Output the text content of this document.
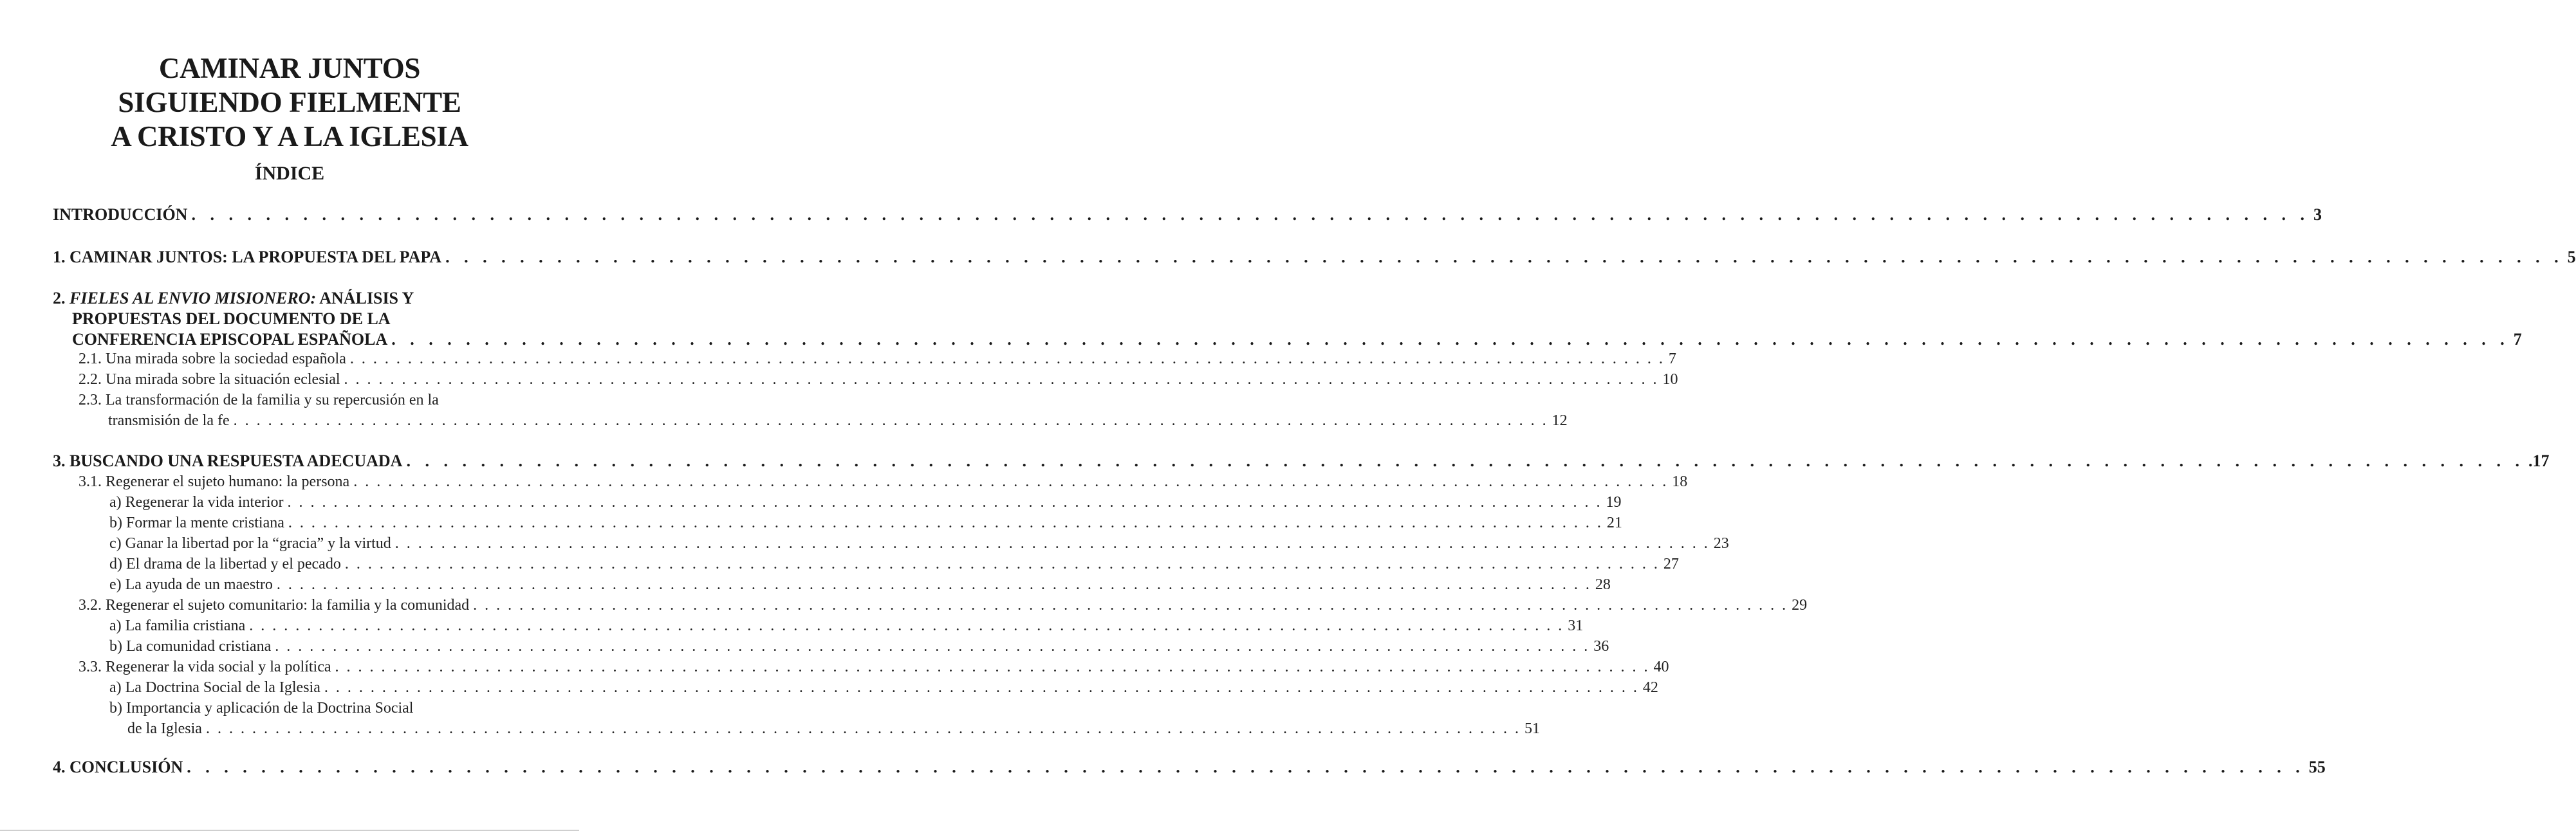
CAMINAR JUNTOS
SIGUIENDO FIELMENTE
A CRISTO Y A LA IGLESIA
ÍNDICE
INTRODUCCIÓN . . . . . . . . . . . . . . . . . . . . . . . . . . . . . . . . . . . . . . . . . . . . . . . . . . . . . . . . . . . . . . . . . . . . . . . . . . . . . . . . . . . . . . . . . . . . . . . . . . . . . . . . . . . . . . . . . . 3
1. CAMINAR JUNTOS: LA PROPUESTA DEL PAPA . . . . . . . . . . . . . . . . . . . . . . . . . . . . . . . . . . . . . . . . . . . . . . . . . . . . . . . . . . . . . . . . . . . . . . . . . . . . . . . . . . . . . . . . . . . . . . . . . . . . . . . . . . . . . . . . . . 5
2. FIELES AL ENVIO MISIONERO: ANÁLISIS Y
PROPUESTAS DEL DOCUMENTO DE LA
CONFERENCIA EPISCOPAL ESPAÑOLA . . . . . . . . . . . . . . . . . . . . . . . . . . . . . . . . . . . . . . . . . . . . . . . . . . . . . . . . . . . . . . . . . . . . . . . . . . . . . . . . . . . . . . . . . . . . . . . . . . . . . . . . . . . . . . . . . . 7
2.1. Una mirada sobre la sociedad española . . . . . . . . . . . . . . . . . . . . . . . . . . . . . . . . . . . . . . . . . . . . . . . . . . . . . . . . . . . . . . . . . . . . . . . . . . . . . . . . . . . . . . . . . . . . . . . . . . . . . . . . . . . . . . . . . . 7
2.2. Una mirada sobre la situación eclesial . . . . . . . . . . . . . . . . . . . . . . . . . . . . . . . . . . . . . . . . . . . . . . . . . . . . . . . . . . . . . . . . . . . . . . . . . . . . . . . . . . . . . . . . . . . . . . . . . . . . . . . . . . . . . . . . . . 10
2.3. La transformación de la familia y su repercusión en la
transmisión de la fe . . . . . . . . . . . . . . . . . . . . . . . . . . . . . . . . . . . . . . . . . . . . . . . . . . . . . . . . . . . . . . . . . . . . . . . . . . . . . . . . . . . . . . . . . . . . . . . . . . . . . . . . . . . . . . . . . . 12
3. BUSCANDO UNA RESPUESTA ADECUADA . . . . . . . . . . . . . . . . . . . . . . . . . . . . . . . . . . . . . . . . . . . . . . . . . . . . . . . . . . . . . . . . . . . . . . . . . . . . . . . . . . . . . . . . . . . . . . . . . . . . . . . . . . . . . . . . . . .17
3.1. Regenerar el sujeto humano: la persona . . . . . . . . . . . . . . . . . . . . . . . . . . . . . . . . . . . . . . . . . . . . . . . . . . . . . . . . . . . . . . . . . . . . . . . . . . . . . . . . . . . . . . . . . . . . . . . . . . . . . . . . . . . . . . . . . . 18
a) Regenerar la vida interior . . . . . . . . . . . . . . . . . . . . . . . . . . . . . . . . . . . . . . . . . . . . . . . . . . . . . . . . . . . . . . . . . . . . . . . . . . . . . . . . . . . . . . . . . . . . . . . . . . . . . . . . . . . . . . . . . . 19
b) Formar la mente cristiana . . . . . . . . . . . . . . . . . . . . . . . . . . . . . . . . . . . . . . . . . . . . . . . . . . . . . . . . . . . . . . . . . . . . . . . . . . . . . . . . . . . . . . . . . . . . . . . . . . . . . . . . . . . . . . . . . . 21
c) Ganar la libertad por la “gracia” y la virtud . . . . . . . . . . . . . . . . . . . . . . . . . . . . . . . . . . . . . . . . . . . . . . . . . . . . . . . . . . . . . . . . . . . . . . . . . . . . . . . . . . . . . . . . . . . . . . . . . . . . . . . . . . . . . . . . . . 23
d) El drama de la libertad y el pecado . . . . . . . . . . . . . . . . . . . . . . . . . . . . . . . . . . . . . . . . . . . . . . . . . . . . . . . . . . . . . . . . . . . . . . . . . . . . . . . . . . . . . . . . . . . . . . . . . . . . . . . . . . . . . . . . . . 27
e) La ayuda de un maestro . . . . . . . . . . . . . . . . . . . . . . . . . . . . . . . . . . . . . . . . . . . . . . . . . . . . . . . . . . . . . . . . . . . . . . . . . . . . . . . . . . . . . . . . . . . . . . . . . . . . . . . . . . . . . . . . . . 28
3.2. Regenerar el sujeto comunitario: la familia y la comunidad . . . . . . . . . . . . . . . . . . . . . . . . . . . . . . . . . . . . . . . . . . . . . . . . . . . . . . . . . . . . . . . . . . . . . . . . . . . . . . . . . . . . . . . . . . . . . . . . . . . . . . . . . . . . . . . . . . 29
a) La familia cristiana . . . . . . . . . . . . . . . . . . . . . . . . . . . . . . . . . . . . . . . . . . . . . . . . . . . . . . . . . . . . . . . . . . . . . . . . . . . . . . . . . . . . . . . . . . . . . . . . . . . . . . . . . . . . . . . . . . 31
b) La comunidad cristiana . . . . . . . . . . . . . . . . . . . . . . . . . . . . . . . . . . . . . . . . . . . . . . . . . . . . . . . . . . . . . . . . . . . . . . . . . . . . . . . . . . . . . . . . . . . . . . . . . . . . . . . . . . . . . . . . . . 36
3.3. Regenerar la vida social y la política . . . . . . . . . . . . . . . . . . . . . . . . . . . . . . . . . . . . . . . . . . . . . . . . . . . . . . . . . . . . . . . . . . . . . . . . . . . . . . . . . . . . . . . . . . . . . . . . . . . . . . . . . . . . . . . . . . 40
a) La Doctrina Social de la Iglesia . . . . . . . . . . . . . . . . . . . . . . . . . . . . . . . . . . . . . . . . . . . . . . . . . . . . . . . . . . . . . . . . . . . . . . . . . . . . . . . . . . . . . . . . . . . . . . . . . . . . . . . . . . . . . . . . . . 42
b) Importancia y aplicación de la Doctrina Social
de la Iglesia . . . . . . . . . . . . . . . . . . . . . . . . . . . . . . . . . . . . . . . . . . . . . . . . . . . . . . . . . . . . . . . . . . . . . . . . . . . . . . . . . . . . . . . . . . . . . . . . . . . . . . . . . . . . . . . . . . 51
4. CONCLUSIÓN . . . . . . . . . . . . . . . . . . . . . . . . . . . . . . . . . . . . . . . . . . . . . . . . . . . . . . . . . . . . . . . . . . . . . . . . . . . . . . . . . . . . . . . . . . . . . . . . . . . . . . . . . . . . . . . . . . 55
